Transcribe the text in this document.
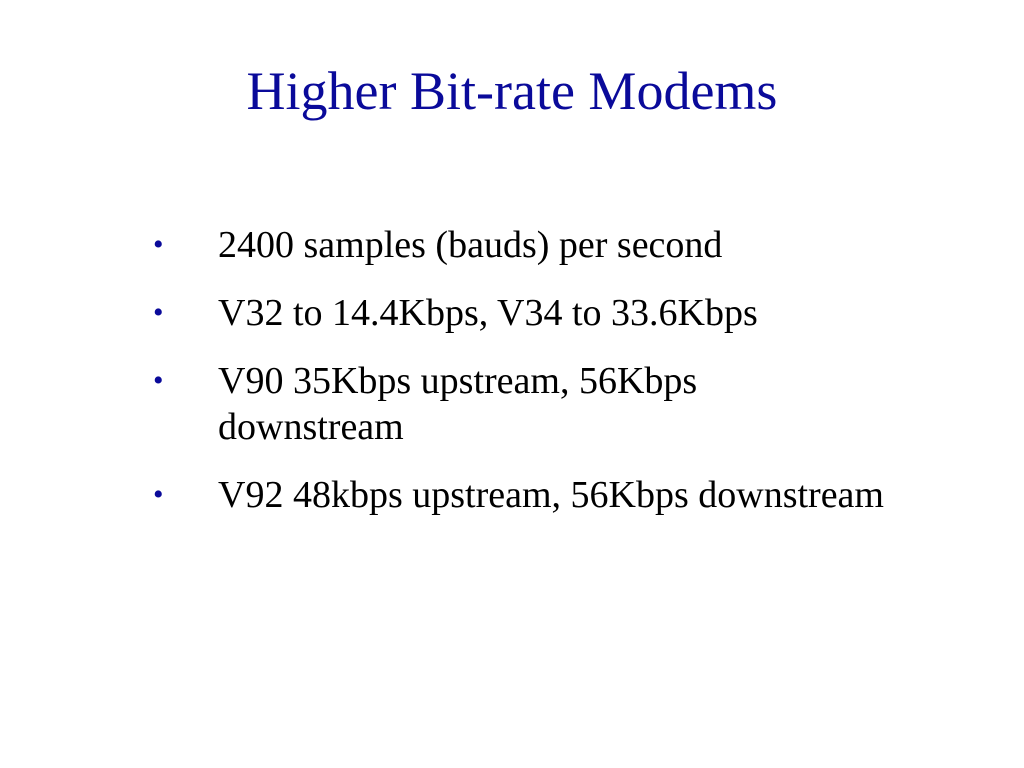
Higher Bit-rate Modems
• 2400 samples (bauds) per second
• V32 to 14.4Kbps, V34 to 33.6Kbps
• V90 35Kbps upstream, 56Kbps downstream
• V92 48kbps upstream, 56Kbps downstream
